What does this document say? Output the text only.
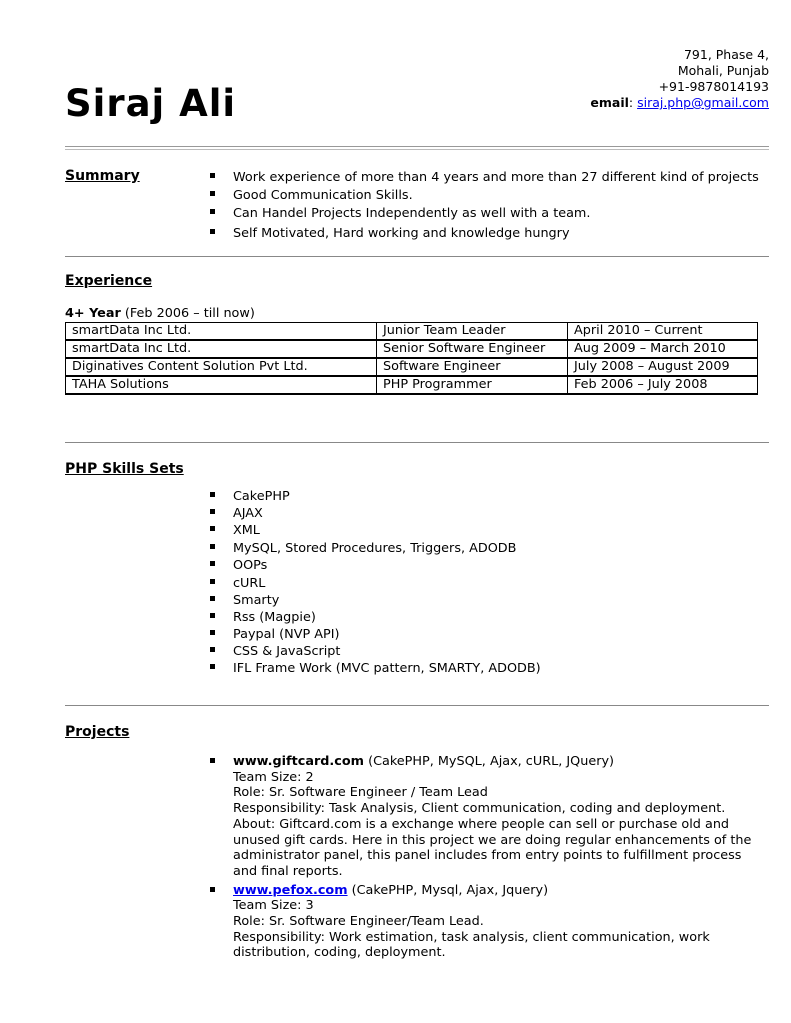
Siraj Ali
791, Phase 4,
Mohali, Punjab
+91-9878014193
email: siraj.php@gmail.com
Summary	Work experience of more than 4 years and more than 27 different kind of projects
Good Communication Skills.
Can Handel Projects Independently as well with a team.
Self Motivated, Hard working and knowledge hungry
Experience
4+ Year (Feb 2006 – till now)
smartData Inc Ltd.	Junior Team Leader	April 2010 – Current
smartData Inc Ltd.	Senior Software Engineer	Aug 2009 – March 2010
Diginatives Content Solution Pvt Ltd.	Software Engineer	July 2008 – August 2009
TAHA Solutions	PHP Programmer	Feb 2006 – July 2008
PHP Skills Sets
CakePHP
AJAX
XML
MySQL, Stored Procedures, Triggers, ADODB
OOPs
cURL
Smarty
Rss (Magpie)
Paypal (NVP API)
CSS & JavaScript
IFL Frame Work (MVC pattern, SMARTY, ADODB)
Projects
www.giftcard.com (CakePHP, MySQL, Ajax, cURL, JQuery)
Team Size: 2
Role: Sr. Software Engineer / Team Lead
Responsibility: Task Analysis, Client communication, coding and deployment.
About: Giftcard.com is a exchange where people can sell or purchase old and
unused gift cards. Here in this project we are doing regular enhancements of the
administrator panel, this panel includes from entry points to fulfillment process
and final reports.
www.pefox.com (CakePHP, Mysql, Ajax, Jquery)
Team Size: 3
Role: Sr. Software Engineer/Team Lead.
Responsibility: Work estimation, task analysis, client communication, work
distribution, coding, deployment.
